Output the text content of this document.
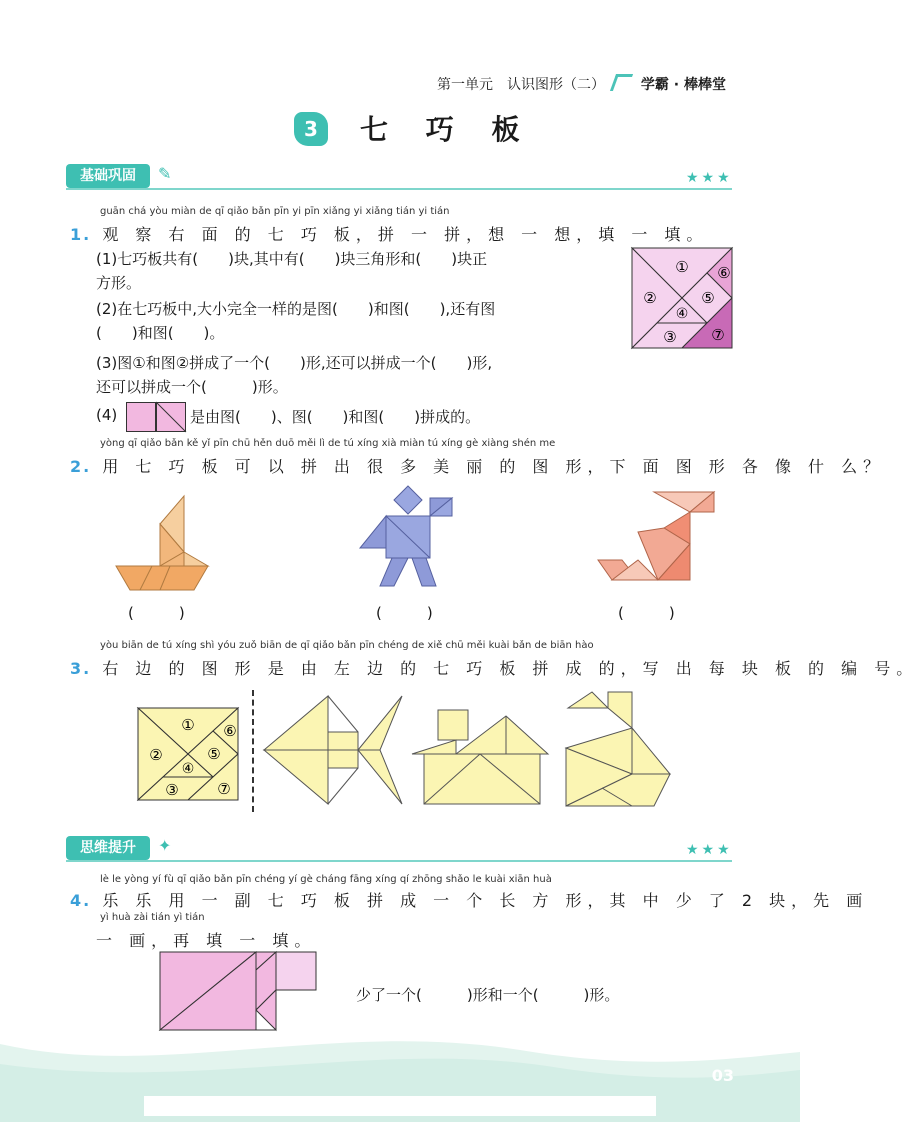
03
第一单元　认识图形（二）	学霸 · 棒棒堂
3	七 巧 板
基础巩固	✎	★★★
guān chá yòu miàn de qī qiǎo bǎn pīn yi pīn xiǎng yi xiǎng tián yi tián
1. 观 察 右 面 的 七 巧 板，拼 一 拼，想 一 想，填 一 填。
(1)七巧板共有(　　)块,其中有(　　)块三角形和(　　)块正
方形。
(2)在七巧板中,大小完全一样的是图(　　)和图(　　),还有图
(　　)和图(　　)。
(3)图①和图②拼成了一个(　　)形,还可以拼成一个(　　)形,
还可以拼成一个(　　　)形。
(4)	是由图(　　)、图(　　)和图(　　)拼成的。
①
②
③
④
⑤
⑥
⑦
yòng qī qiǎo bǎn kě yǐ pīn chū hěn duō měi lì de tú xíng xià miàn tú xíng gè xiàng shén me
2. 用 七 巧 板 可 以 拼 出 很 多 美 丽 的 图 形，下 面 图 形 各 像 什 么？
(　　　)	(　　　)	(　　　)
yòu biān de tú xíng shì yóu zuǒ biān de qī qiǎo bǎn pīn chéng de xiě chū měi kuài bǎn de biān hào
3. 右 边 的 图 形 是 由 左 边 的 七 巧 板 拼 成 的，写 出 每 块 板 的 编 号。
①
②
③
④
⑤
⑥
⑦
思维提升	✦	★★★
lè le yòng yí fù qī qiǎo bǎn pīn chéng yí gè cháng fāng xíng qí zhōng shǎo le kuài xiān huà
4. 乐 乐 用 一 副 七 巧 板 拼 成 一 个 长 方 形，其 中 少 了 2 块，先 画
yì huà zài tián yì tián
一 画，再 填 一 填。
少了一个(　　　)形和一个(　　　)形。
